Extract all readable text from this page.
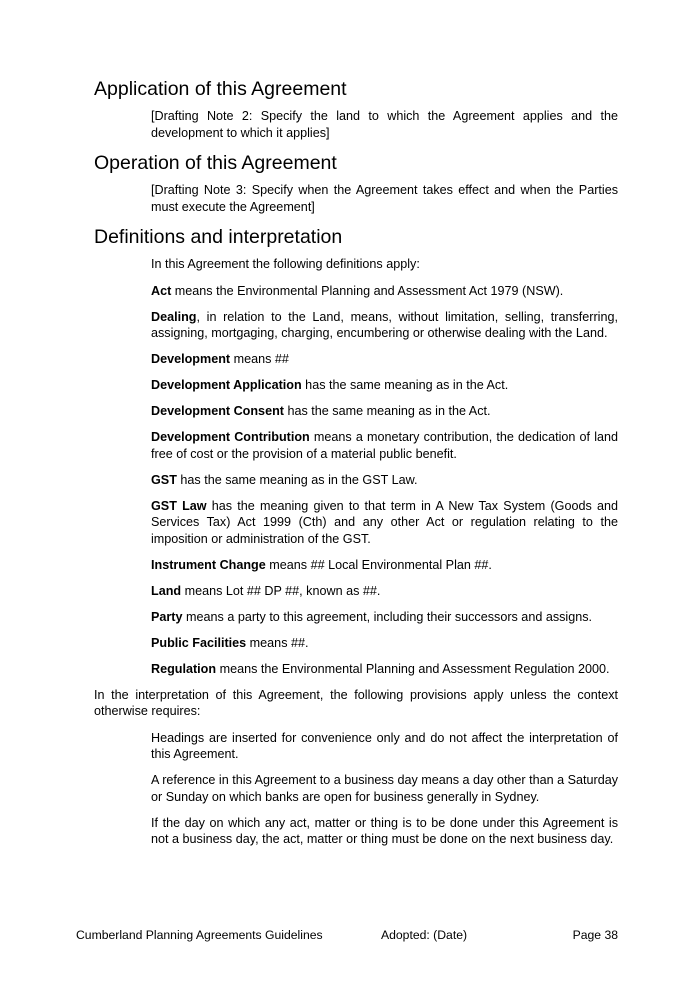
Application of this Agreement

[Drafting Note 2: Specify the land to which the Agreement applies and the development to which it applies]

Operation of this Agreement

[Drafting Note 3: Specify when the Agreement takes effect and when the Parties must execute the Agreement]

Definitions and interpretation

In this Agreement the following definitions apply:

Act means the Environmental Planning and Assessment Act 1979 (NSW).

Dealing, in relation to the Land, means, without limitation, selling, transferring, assigning, mortgaging, charging, encumbering or otherwise dealing with the Land.

Development means ##

Development Application has the same meaning as in the Act.

Development Consent has the same meaning as in the Act.

Development Contribution means a monetary contribution, the dedication of land free of cost or the provision of a material public benefit.

GST has the same meaning as in the GST Law.

GST Law has the meaning given to that term in A New Tax System (Goods and Services Tax) Act 1999 (Cth) and any other Act or regulation relating to the imposition or administration of the GST.

Instrument Change means ## Local Environmental Plan ##.

Land means Lot ## DP ##, known as ##.

Party means a party to this agreement, including their successors and assigns.

Public Facilities means ##.

Regulation means the Environmental Planning and Assessment Regulation 2000.

In the interpretation of this Agreement, the following provisions apply unless the context otherwise requires:

Headings are inserted for convenience only and do not affect the interpretation of this Agreement.

A reference in this Agreement to a business day means a day other than a Saturday or Sunday on which banks are open for business generally in Sydney.

If the day on which any act, matter or thing is to be done under this Agreement is not a business day, the act, matter or thing must be done on the next business day.

Cumberland Planning Agreements Guidelines	Adopted: (Date)	Page 38
